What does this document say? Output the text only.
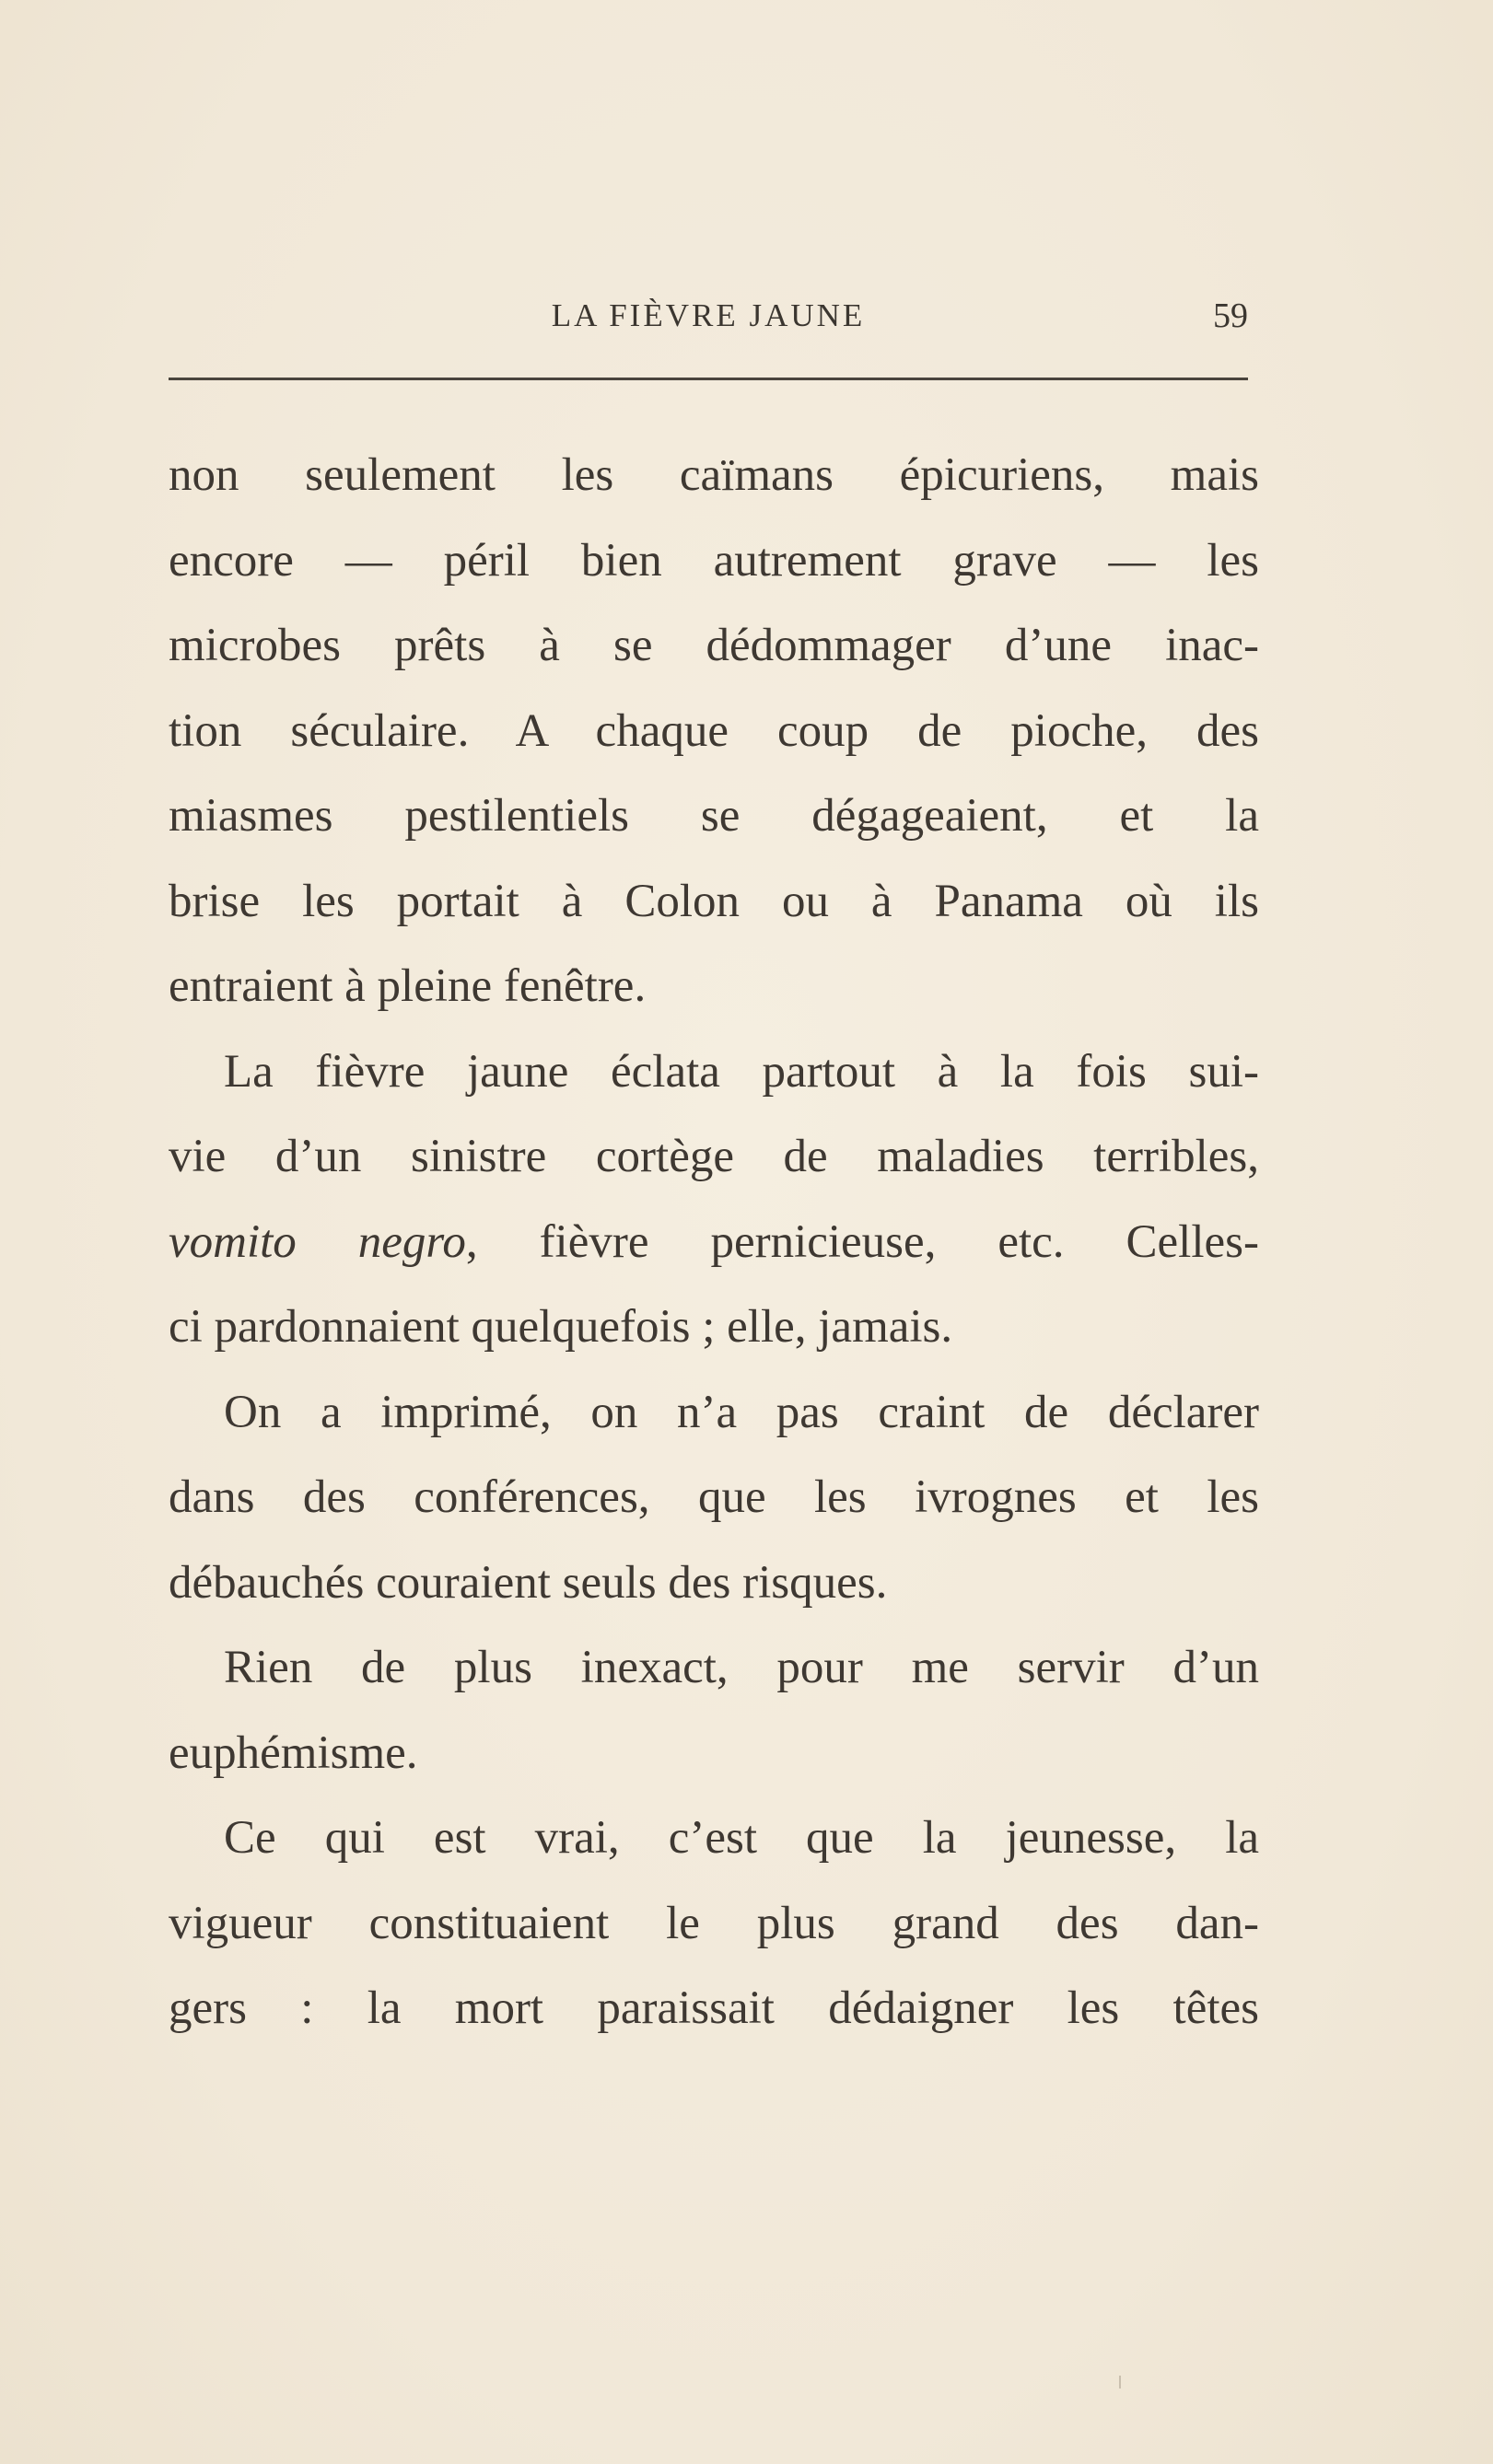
LA FIÈVRE JAUNE	59
non seulement les caïmans épicuriens, mais
encore — péril bien autrement grave — les
microbes prêts à se dédommager d’une inac-
tion séculaire. A chaque coup de pioche, des
miasmes pestilentiels se dégageaient, et la
brise les portait à Colon ou à Panama où ils
entraient à pleine fenêtre.
La fièvre jaune éclata partout à la fois sui-
vie d’un sinistre cortège de maladies terribles,
vomito negro, fièvre pernicieuse, etc. Celles-
ci pardonnaient quelquefois ; elle, jamais.
On a imprimé, on n’a pas craint de déclarer
dans des conférences, que les ivrognes et les
débauchés couraient seuls des risques.
Rien de plus inexact, pour me servir d’un
euphémisme.
Ce qui est vrai, c’est que la jeunesse, la
vigueur constituaient le plus grand des dan-
gers : la mort paraissait dédaigner les têtes
